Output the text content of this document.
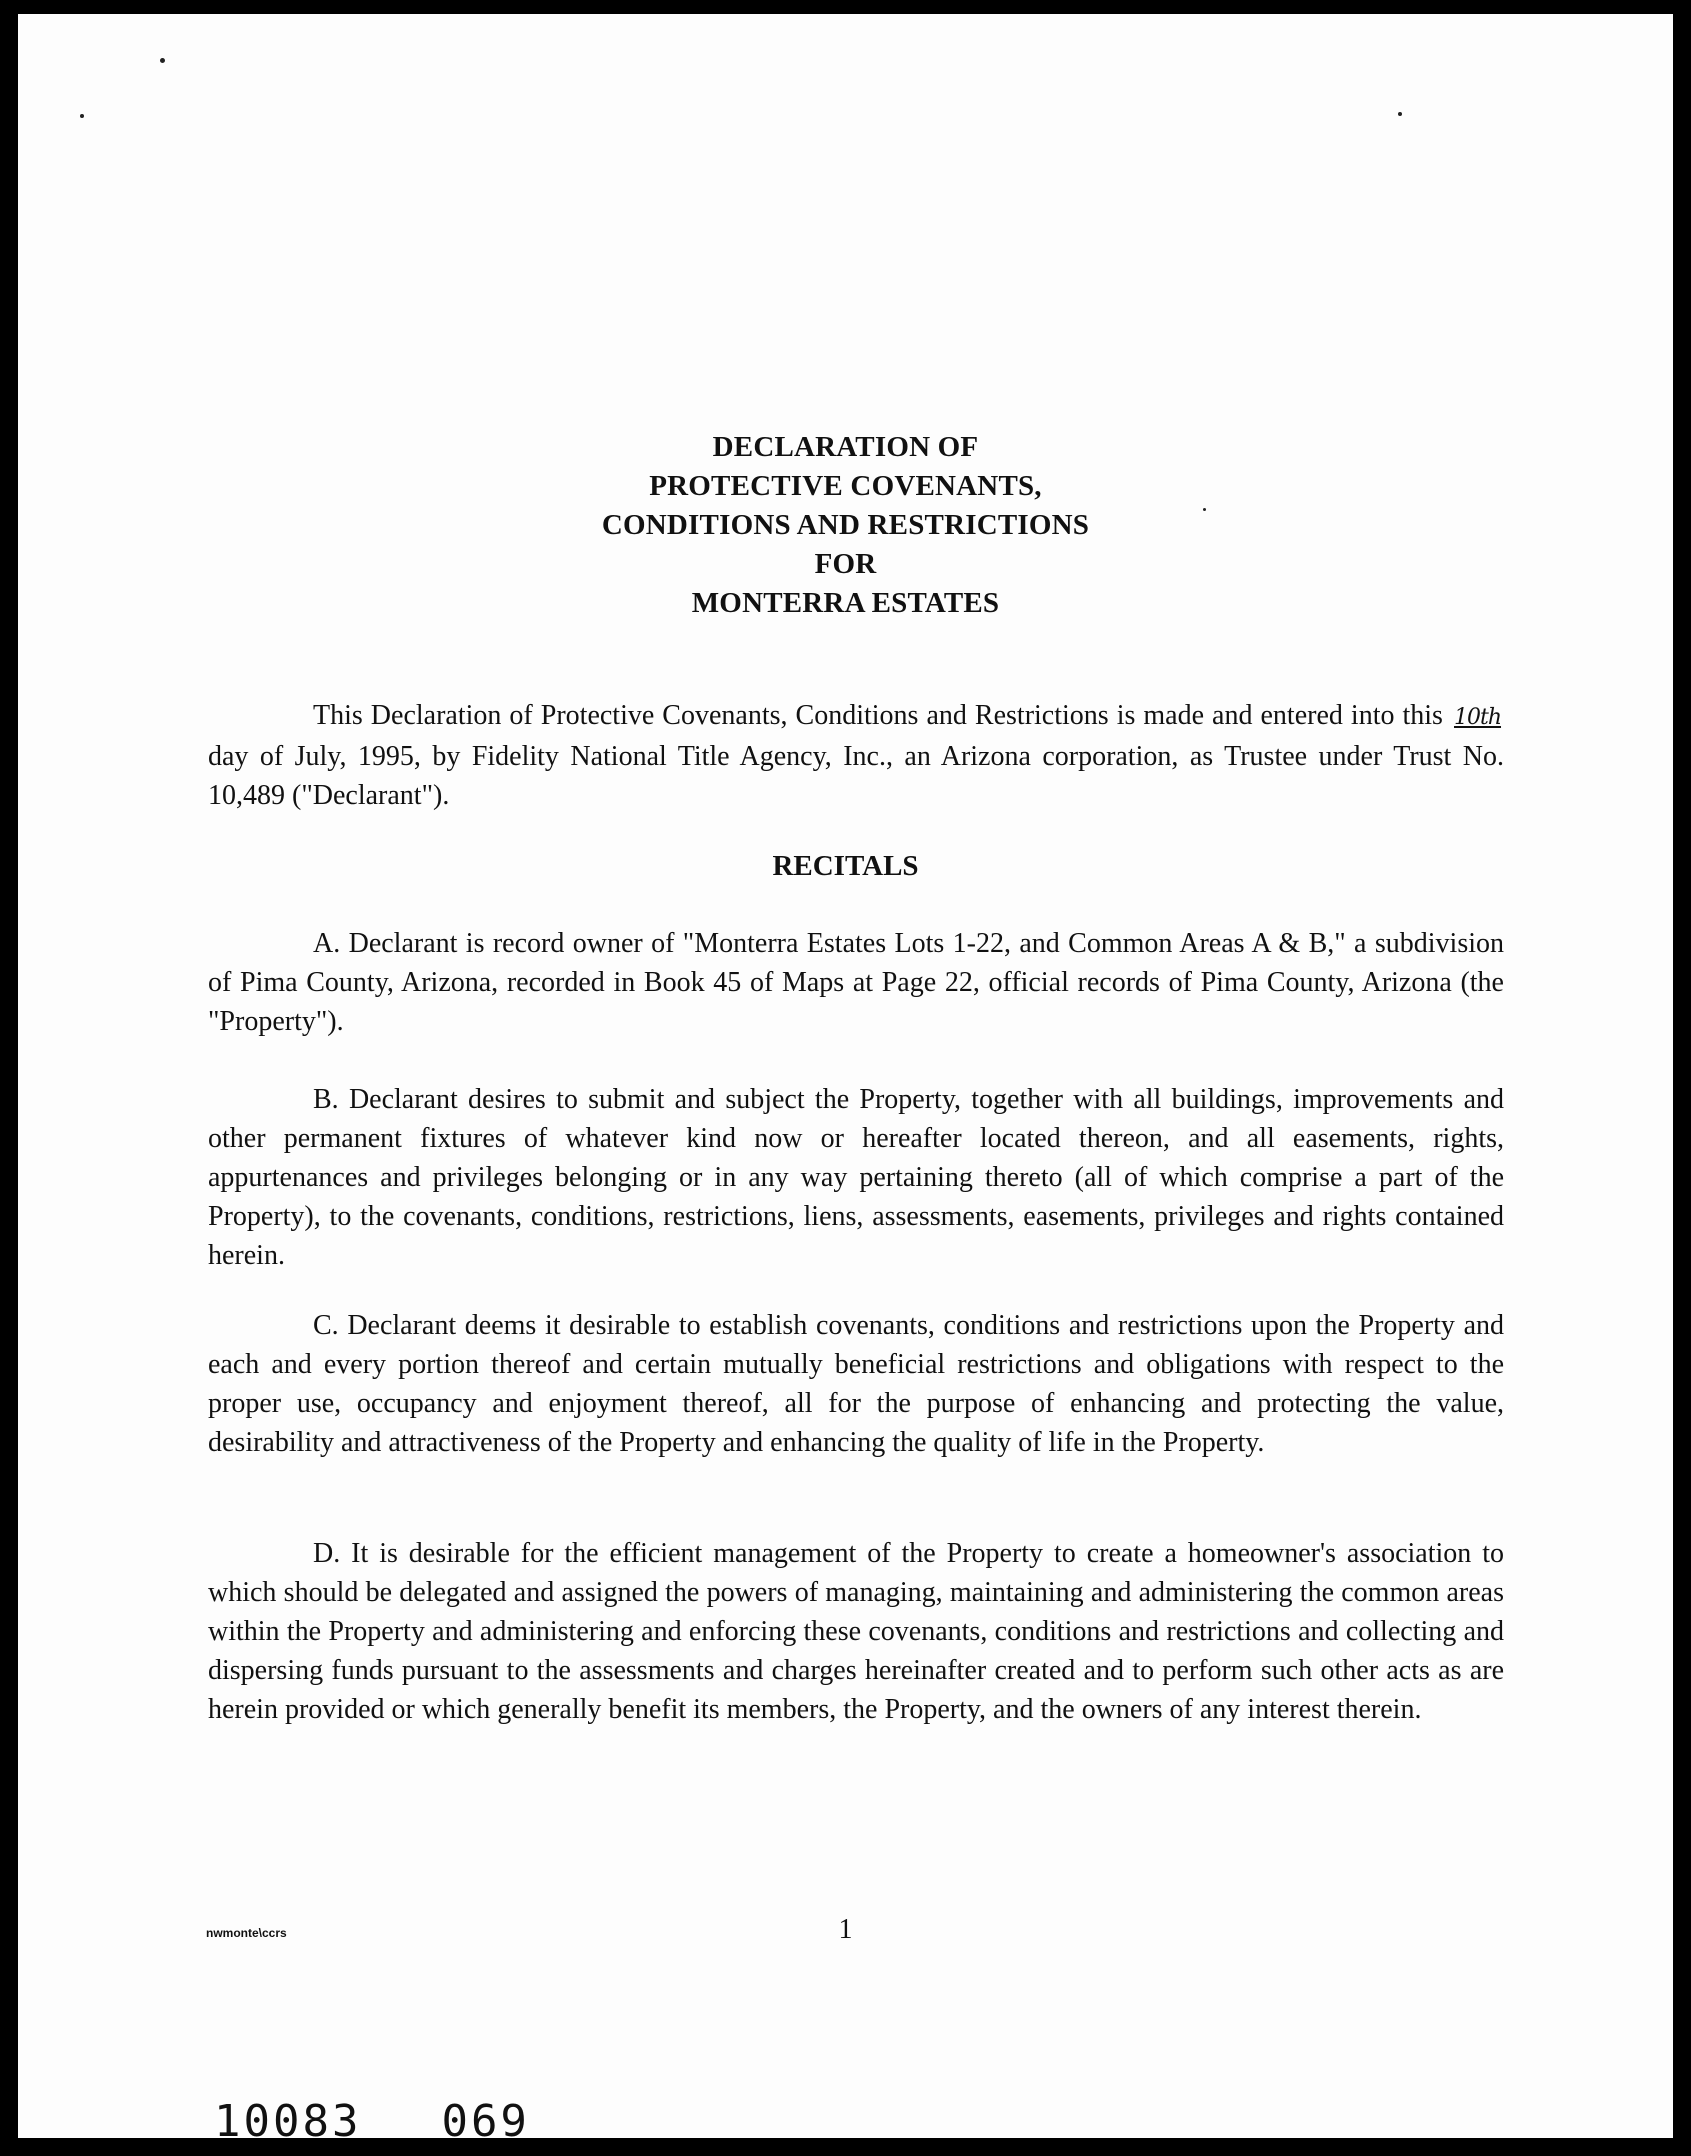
DECLARATION OF
PROTECTIVE COVENANTS,
CONDITIONS AND RESTRICTIONS
FOR
MONTERRA ESTATES

This Declaration of Protective Covenants, Conditions and Restrictions is made and entered into this 10th day of July, 1995, by Fidelity National Title Agency, Inc., an Arizona corporation, as Trustee under Trust No. 10,489 ("Declarant").

RECITALS

A. Declarant is record owner of "Monterra Estates Lots 1-22, and Common Areas A & B," a subdivision of Pima County, Arizona, recorded in Book 45 of Maps at Page 22, official records of Pima County, Arizona (the "Property").

B. Declarant desires to submit and subject the Property, together with all buildings, improvements and other permanent fixtures of whatever kind now or hereafter located thereon, and all easements, rights, appurtenances and privileges belonging or in any way pertaining thereto (all of which comprise a part of the Property), to the covenants, conditions, restrictions, liens, assessments, easements, privileges and rights contained herein.

C. Declarant deems it desirable to establish covenants, conditions and restrictions upon the Property and each and every portion thereof and certain mutually beneficial restrictions and obligations with respect to the proper use, occupancy and enjoyment thereof, all for the purpose of enhancing and protecting the value, desirability and attractiveness of the Property and enhancing the quality of life in the Property.

D. It is desirable for the efficient management of the Property to create a homeowner's association to which should be delegated and assigned the powers of managing, maintaining and administering the common areas within the Property and administering and enforcing these covenants, conditions and restrictions and collecting and dispersing funds pursuant to the assessments and charges hereinafter created and to perform such other acts as are herein provided or which generally benefit its members, the Property, and the owners of any interest therein.

nwmonte\ccrs	1
10083 069
